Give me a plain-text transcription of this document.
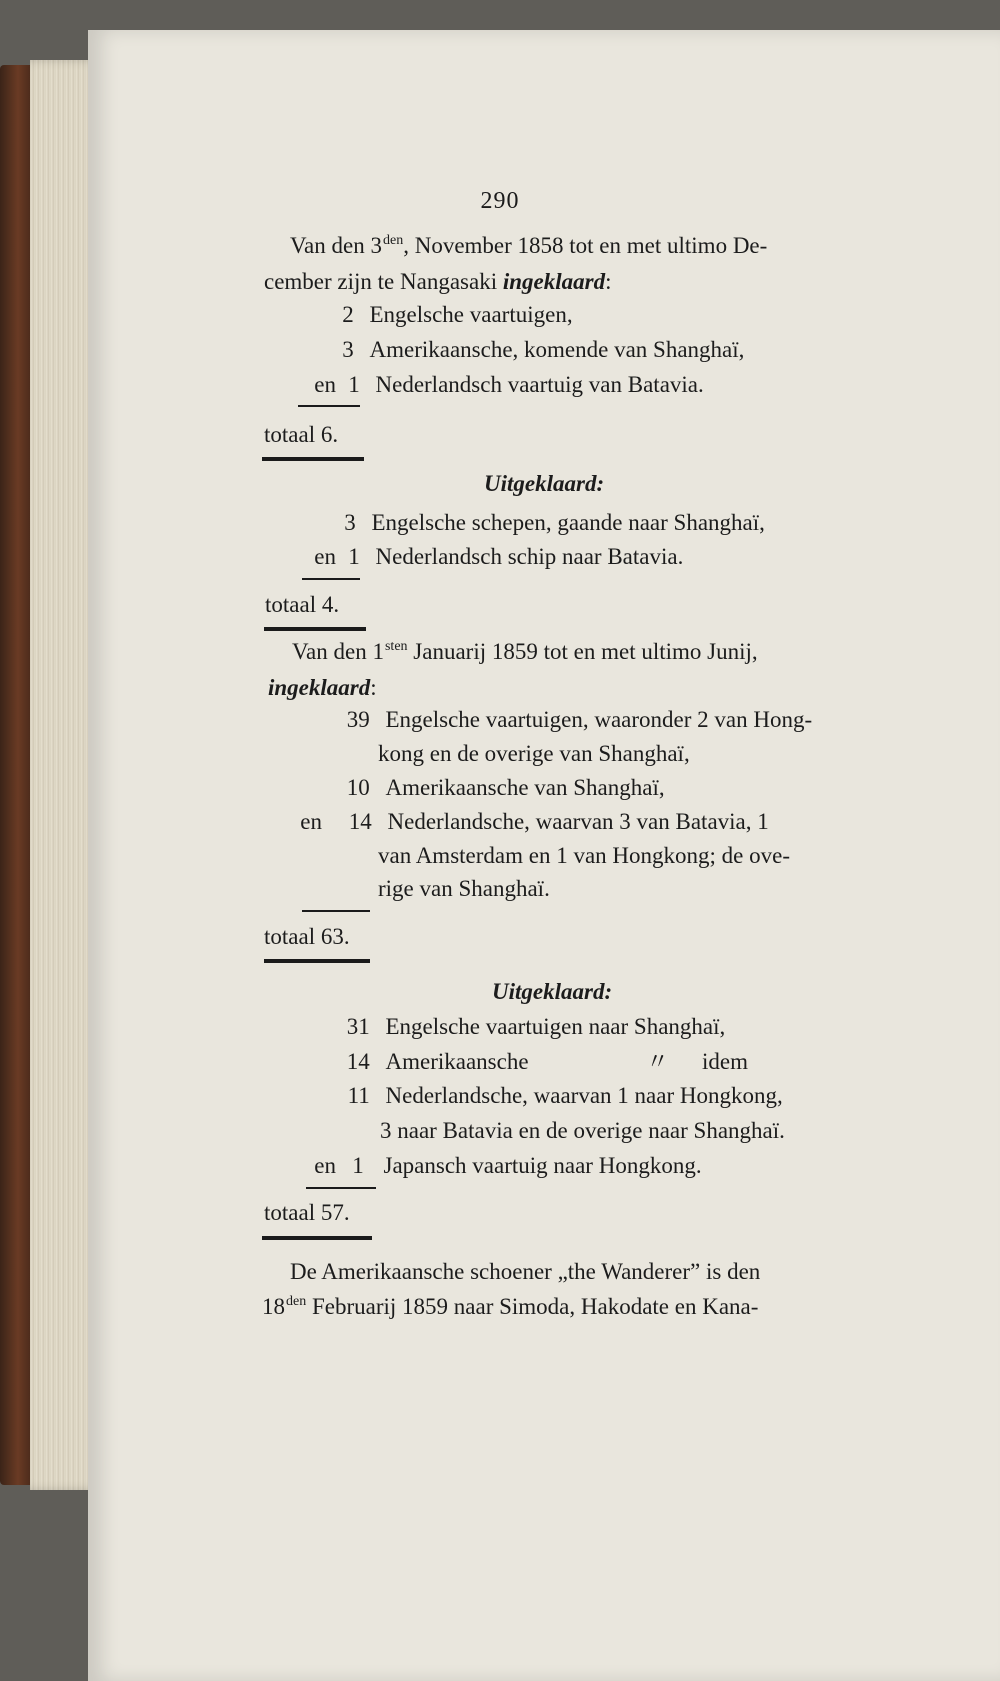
290
Van den $3^{den}$, November 1858 tot en met ultimo De-
cember zijn te Nangasaki ingeklaard:
2 Engelsche vaartuigen,
3 Amerikaansche, komende van Shanghaï,
en 1 Nederlandsch vaartuig van Batavia.
totaal 6.
Uitgeklaard:
3 Engelsche schepen, gaande naar Shanghaï,
en 1 Nederlandsch schip naar Batavia.
totaal 4.
Van den $1^{sten}$ Januarij 1859 tot en met ultimo Junij,
ingeklaard:
39 Engelsche vaartuigen, waaronder 2 van Hong-
kong en de overige van Shanghaï,
10 Amerikaansche van Shanghaï,
en 14 Nederlandsche, waarvan 3 van Batavia, 1
van Amsterdam en 1 van Hongkong; de ove-
rige van Shanghaï.
totaal 63.
Uitgeklaard:
31 Engelsche vaartuigen naar Shanghaï,
14 Amerikaansche	〃 idem
11 Nederlandsche, waarvan 1 naar Hongkong,
3 naar Batavia en de overige naar Shanghaï.
en 1 Japansch vaartuig naar Hongkong.
totaal 57.
De Amerikaansche schoener „the Wanderer” is den
$18^{den}$ Februarij 1859 naar Simoda, Hakodate en Kana-
